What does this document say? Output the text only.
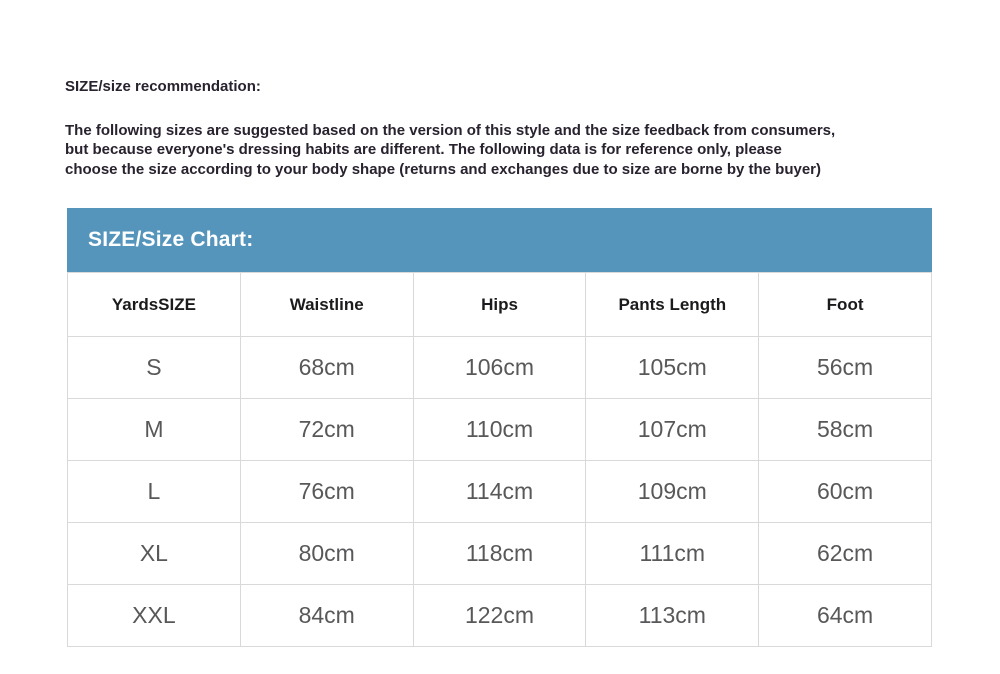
SIZE/size recommendation:
The following sizes are suggested based on the version of this style and the size feedback from consumers,
but because everyone's dressing habits are different. The following data is for reference only, please
choose the size according to your body shape (returns and exchanges due to size are borne by the buyer)
SIZE/Size Chart:
YardsSIZE	Waistline	Hips	Pants Length	Foot
S	68cm	106cm	105cm	56cm
M	72cm	110cm	107cm	58cm
L	76cm	114cm	109cm	60cm
XL	80cm	118cm	111cm	62cm
XXL	84cm	122cm	113cm	64cm
